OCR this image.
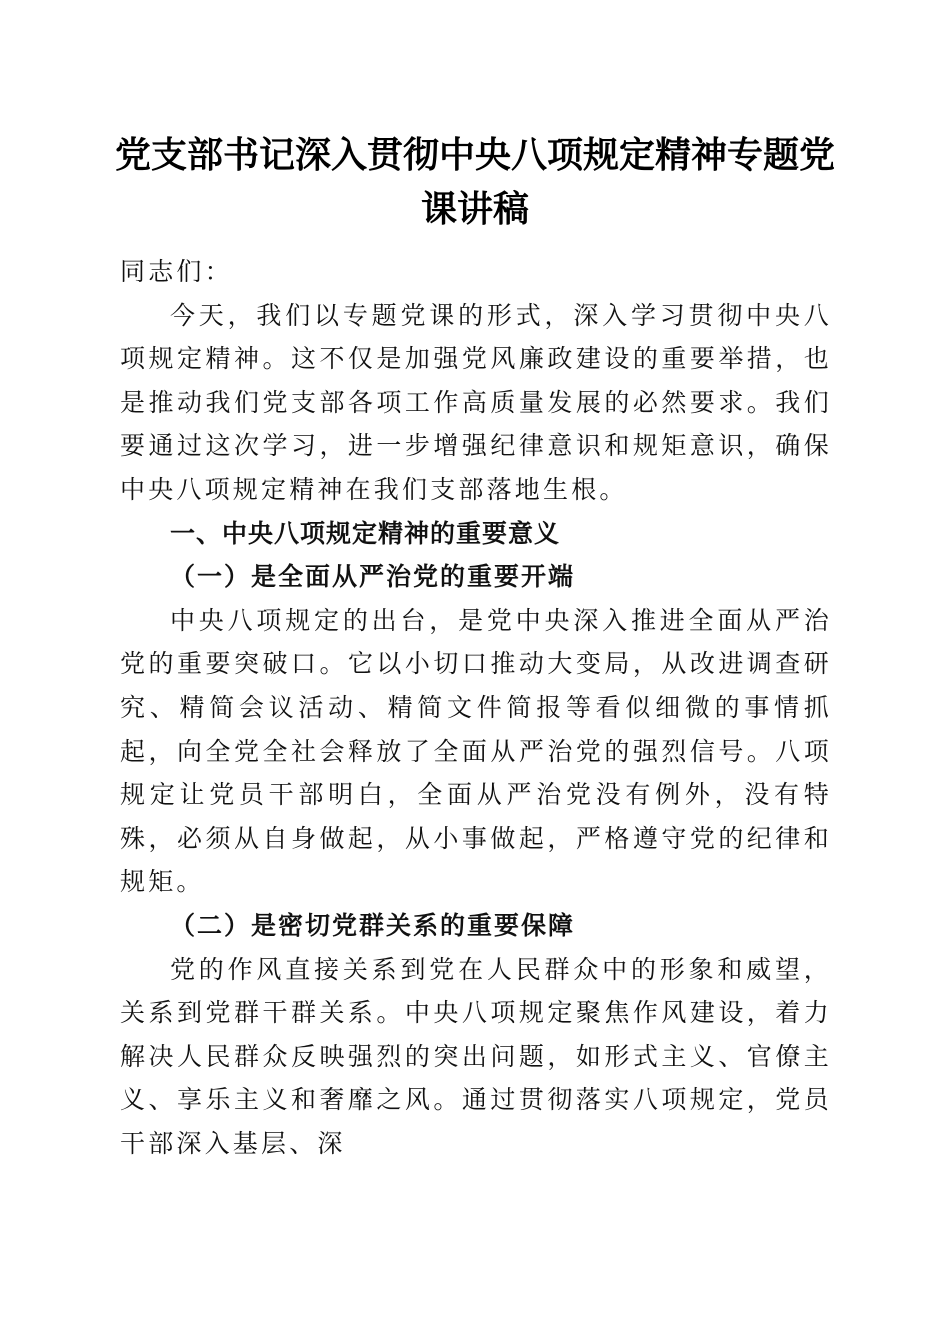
党支部书记深入贯彻中央八项规定精神专题党课讲稿

同志们：

今天，我们以专题党课的形式，深入学习贯彻中央八项规定精神。这不仅是加强党风廉政建设的重要举措，也是推动我们党支部各项工作高质量发展的必然要求。我们要通过这次学习，进一步增强纪律意识和规矩意识，确保中央八项规定精神在我们支部落地生根。

一、中央八项规定精神的重要意义

（一）是全面从严治党的重要开端

中央八项规定的出台，是党中央深入推进全面从严治党的重要突破口。它以小切口推动大变局，从改进调查研究、精简会议活动、精简文件简报等看似细微的事情抓起，向全党全社会释放了全面从严治党的强烈信号。八项规定让党员干部明白，全面从严治党没有例外，没有特殊，必须从自身做起，从小事做起，严格遵守党的纪律和规矩。

（二）是密切党群关系的重要保障

党的作风直接关系到党在人民群众中的形象和威望，关系到党群干群关系。中央八项规定聚焦作风建设，着力解决人民群众反映强烈的突出问题，如形式主义、官僚主义、享乐主义和奢靡之风。通过贯彻落实八项规定，党员干部深入基层、深
